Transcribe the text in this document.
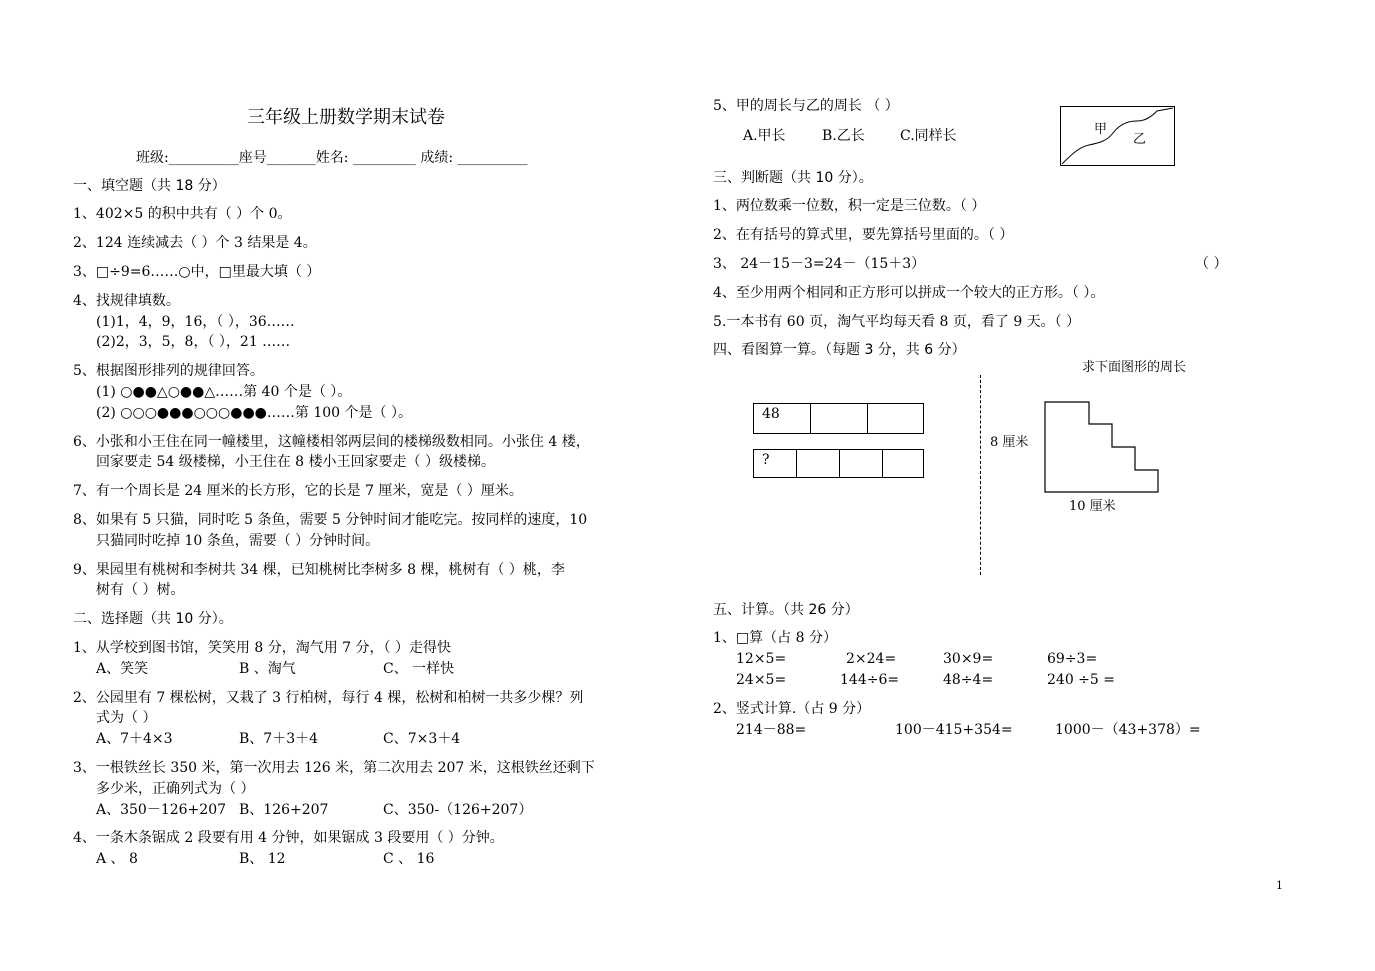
三年级上册数学期末试卷
班级:__________座号_______姓名: _________ 成绩: __________
一、填空题（共 18 分）
1、402×5 的积中共有（ ）个 0。
2、124 连续减去（ ）个 3 结果是 4。
3、□÷9=6……○中，□里最大填（ ）
4、找规律填数。
(1)1，4，9，16，（ ），36……
(2)2，3，5，8，（ ），21 ……
5、根据图形排列的规律回答。
(1) ○●●△○●●△……第 40 个是（ ）。
(2) ○○○●●●○○○●●●……第 100 个是（ ）。
6、小张和小王住在同一幢楼里，这幢楼相邻两层间的楼梯级数相同。小张住 4 楼，
回家要走 54 级楼梯，小王住在 8 楼小王回家要走（ ）级楼梯。
7、有一个周长是 24 厘米的长方形，它的长是 7 厘米，宽是（ ）厘米。
8、如果有 5 只猫，同时吃 5 条鱼，需要 5 分钟时间才能吃完。按同样的速度，10
只猫同时吃掉 10 条鱼，需要（ ）分钟时间。
9、果园里有桃树和李树共 34 棵，已知桃树比李树多 8 棵，桃树有（ ）桃，李
树有（ ）树。
二、选择题（共 10 分）。
1、从学校到图书馆，笑笑用 8 分，淘气用 7 分，（ ）走得快
A、笑笑	B 、淘气	C、 一样快
2、公园里有 7 棵松树，又栽了 3 行柏树，每行 4 棵，松树和柏树一共多少棵？列
式为（ ）
A、7＋4×3	B、7＋3＋4	C、7×3＋4
3、一根铁丝长 350 米，第一次用去 126 米，第二次用去 207 米，这根铁丝还剩下
多少米，正确列式为（ ）
A、350－126+207 B、126+207	C、350-（126+207）
4、一条木条锯成 2 段要有用 4 分钟，如果锯成 3 段要用（ ）分钟。
A 、 8	B、 12	C 、 16
5、甲的周长与乙的周长 （ ）
A.甲长	B.乙长	C.同样长	甲
乙
三、判断题（共 10 分）。
1、两位数乘一位数，积一定是三位数。（ ）
2、在有括号的算式里，要先算括号里面的。（ ）
3、 24－15－3=24－（15＋3）	（ ）
4、至少用两个相同和正方形可以拼成一个较大的正方形。（ ）。
5.一本书有 60 页，淘气平均每天看 8 页，看了 9 天。（ ）
四、看图算一算。（每题 3 分，共 6 分）
求下面图形的周长
48
?
8 厘米
10 厘米
五、计算。（共 26 分）
1、□算（占 8 分）
12×5=	2×24=	30×9=	69÷3=
24×5=	144÷6=	48÷4=	240 ÷5 =
2、竖式计算.（占 9 分）
214－88=	100－415+354=	1000－（43+378）=
1
